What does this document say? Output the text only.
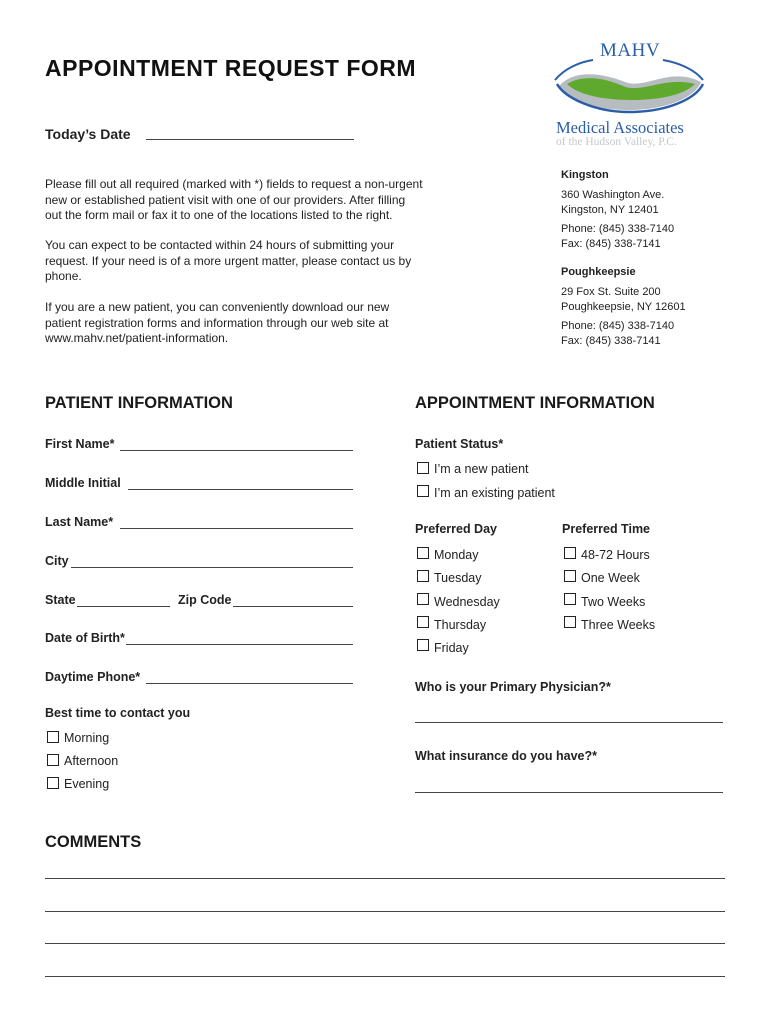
APPOINTMENT REQUEST FORM
Today’s Date
MAHV
Medical Associates
of the Hudson Valley, P.C.
Please fill out all required (marked with *) fields to request a non-urgent
new or established patient visit with one of our providers. After filling
out the form mail or fax it to one of the locations listed to the right.
You can expect to be contacted within 24 hours of submitting your
request. If your need is of a more urgent matter, please contact us by
phone.
If you are a new patient, you can conveniently download our new
patient registration forms and information through our web site at
www.mahv.net/patient-information.
Kingston
360 Washington Ave.
Kingston, NY 12401
Phone: (845) 338-7140
Fax: (845) 338-7141
Poughkeepsie
29 Fox St. Suite 200
Poughkeepsie, NY 12601
Phone: (845) 338-7140
Fax: (845) 338-7141
PATIENT INFORMATION
First Name*
Middle Initial
Last Name*
City
State	Zip Code
Date of Birth*
Daytime Phone*
Best time to contact you
Morning
Afternoon
Evening
APPOINTMENT INFORMATION
Patient Status*
I’m a new patient
I’m an existing patient
Preferred Day	Preferred Time
Monday
Tuesday
Wednesday
Thursday
Friday
48-72 Hours
One Week
Two Weeks
Three Weeks
Who is your Primary Physician?*
What insurance do you have?*
COMMENTS
